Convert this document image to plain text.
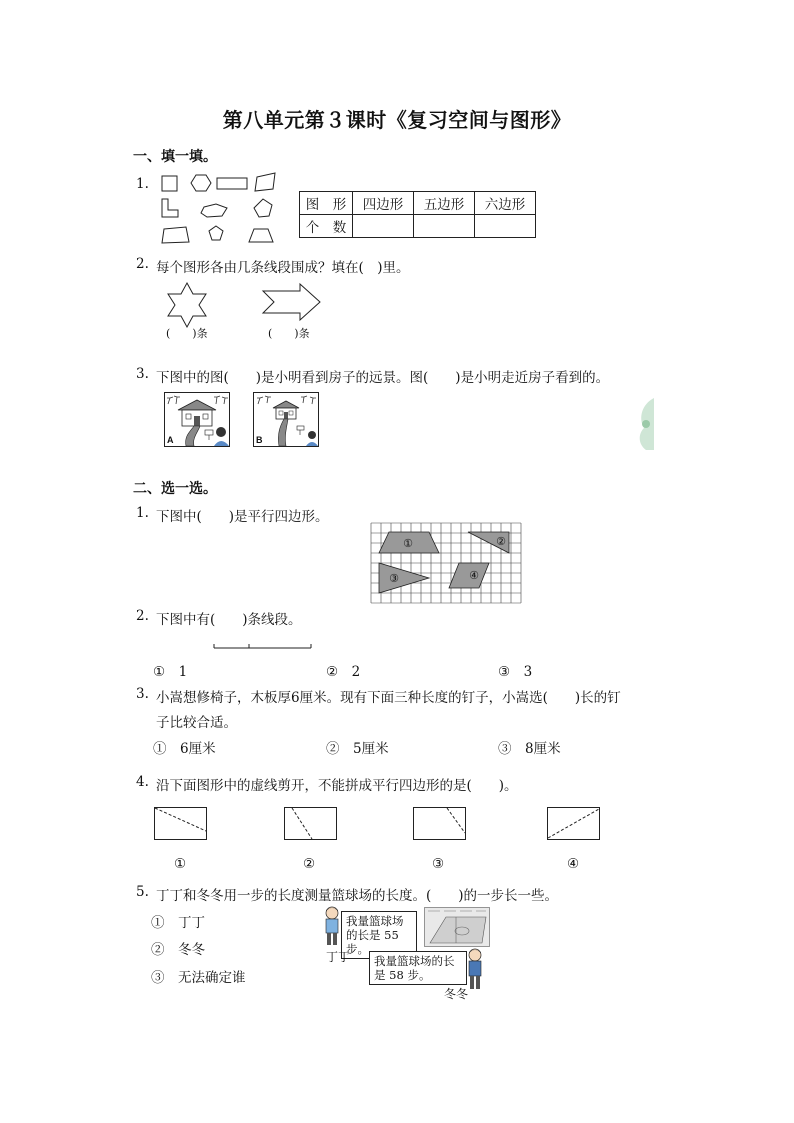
第八单元第３课时《复习空间与图形》
一、填一填。
1.
图　形	四边形	五边形	六边形
个　数			
2. 每个图形各由几条线段围成？填在(　)里。
(　　)条	(　　)条
3. 下图中的图(　　)是小明看到房子的远景。图(　　)是小明走近房子看到的。
A	B
二、选一选。
1. 下图中(　　)是平行四边形。
①	②
③	④
2. 下图中有(　　)条线段。
①　1	②　2	③　3
3. 小嵩想修椅子，木板厚6厘米。现有下面三种长度的钉子，小嵩选(　　)长的钉
子比较合适。
①　6厘米	②　5厘米	③　8厘米
4. 沿下面图形中的虚线剪开，不能拼成平行四边形的是(　　)。
①	②	③	④
5. 丁丁和冬冬用一步的长度测量篮球场的长度。(　　)的一步长一些。
①　丁丁
②　冬冬
③　无法确定谁
我量篮球场的长是 55 步。
丁丁	我量篮球场的长是 58 步。
冬冬
